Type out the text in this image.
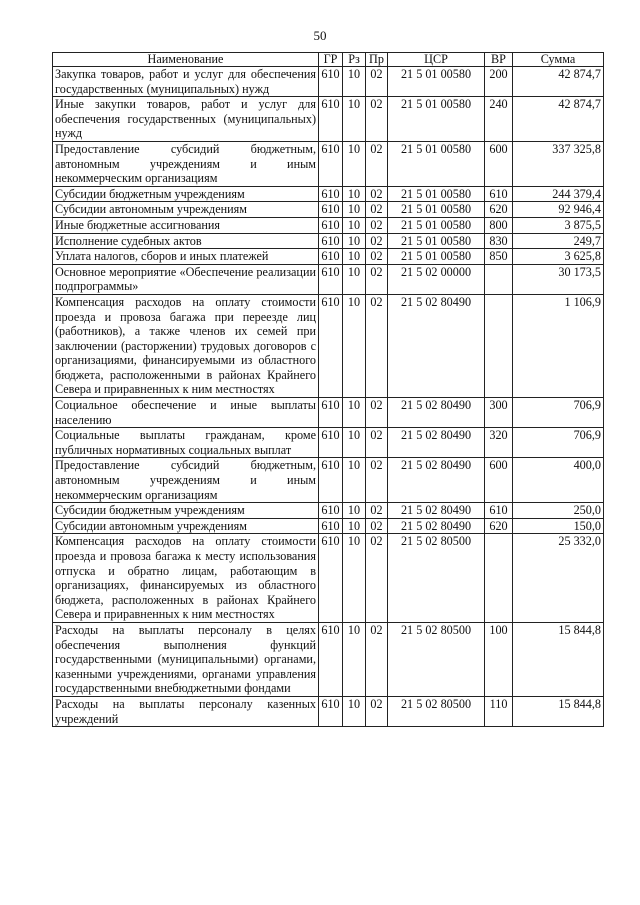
50
Наименование	ГР	Рз	Пр	ЦСР	ВР	Сумма
Закупка товаров, работ и услуг для обеспечения государственных (муниципальных) нужд	610	10	02	21 5 01 00580	200	42 874,7
Иные закупки товаров, работ и услуг для обеспечения государственных (муниципальных) нужд	610	10	02	21 5 01 00580	240	42 874,7
Предоставление субсидий бюджетным, автономным учреждениям и иным некоммерческим организациям	610	10	02	21 5 01 00580	600	337 325,8
Субсидии бюджетным учреждениям	610	10	02	21 5 01 00580	610	244 379,4
Субсидии автономным учреждениям	610	10	02	21 5 01 00580	620	92 946,4
Иные бюджетные ассигнования	610	10	02	21 5 01 00580	800	3 875,5
Исполнение судебных актов	610	10	02	21 5 01 00580	830	249,7
Уплата налогов, сборов и иных платежей	610	10	02	21 5 01 00580	850	3 625,8
Основное мероприятие «Обеспечение реализации подпрограммы»	610	10	02	21 5 02 00000		30 173,5
Компенсация расходов на оплату стоимости проезда и провоза багажа при переезде лиц (работников), а также членов их семей при заключении (расторжении) трудовых договоров с организациями, финансируемыми из областного бюджета, расположенными в районах Крайнего Севера и приравненных к ним местностях	610	10	02	21 5 02 80490		1 106,9
Социальное обеспечение и иные выплаты населению	610	10	02	21 5 02 80490	300	706,9
Социальные выплаты гражданам, кроме публичных нормативных социальных выплат	610	10	02	21 5 02 80490	320	706,9
Предоставление субсидий бюджетным, автономным учреждениям и иным некоммерческим организациям	610	10	02	21 5 02 80490	600	400,0
Субсидии бюджетным учреждениям	610	10	02	21 5 02 80490	610	250,0
Субсидии автономным учреждениям	610	10	02	21 5 02 80490	620	150,0
Компенсация расходов на оплату стоимости проезда и провоза багажа к месту использования отпуска и обратно лицам, работающим в организациях, финансируемых из областного бюджета, расположенных в районах Крайнего Севера и приравненных к ним местностях	610	10	02	21 5 02 80500		25 332,0
Расходы на выплаты персоналу в целях обеспечения выполнения функций государственными (муниципальными) органами, казенными учреждениями, органами управления государственными внебюджетными фондами	610	10	02	21 5 02 80500	100	15 844,8
Расходы на выплаты персоналу казенных учреждений	610	10	02	21 5 02 80500	110	15 844,8
